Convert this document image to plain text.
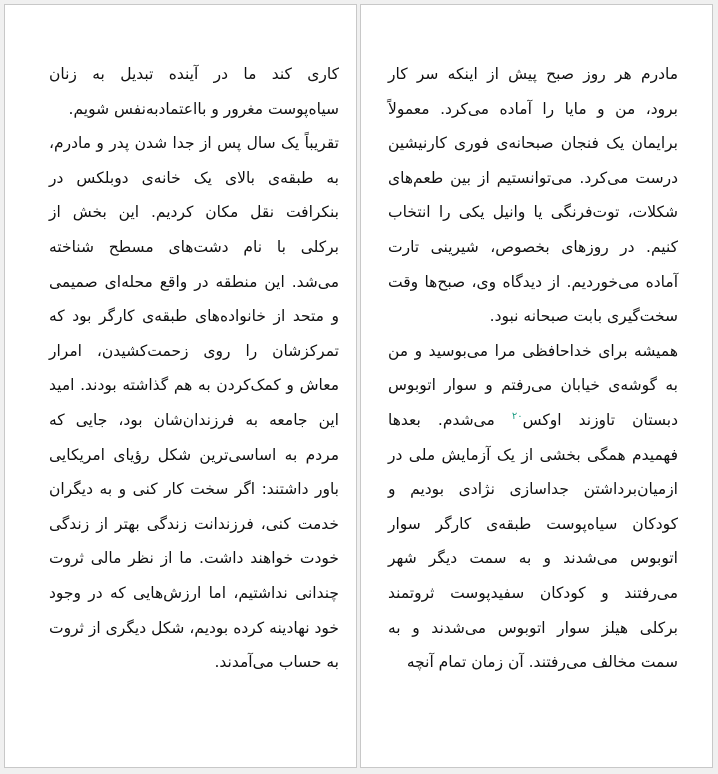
کاری کند ما در آینده تبدیل به زنان سیاه‌پوست مغرور و بااعتمادبه‌نفس شویم.

تقریباً یک سال پس از جدا شدن پدر و مادرم، به طبقه‌ی بالای یک خانه‌ی دوبلکس در بنکرافت نقل مکان کردیم. این بخش از برکلی با نام دشت‌های مسطح شناخته می‌شد. این منطقه در واقع محله‌ای صمیمی و متحد از خانواده‌های طبقه‌ی کارگر بود که تمرکزشان را روی زحمت‌کشیدن، امرار معاش و کمک‌کردن به هم گذاشته بودند. امید این جامعه به فرزندان‌شان بود، جایی که مردم به اساسی‌ترین شکل رؤیای امریکایی باور داشتند: اگر سخت کار کنی و به دیگران خدمت کنی، فرزندانت زندگی بهتر از زندگی خودت خواهند داشت. ما از نظر مالی ثروت چندانی نداشتیم، اما ارزش‌هایی که در وجود خود نهادینه کرده بودیم، شکل دیگری از ثروت به حساب می‌آمدند.

مادرم هر روز صبح پیش از اینکه سر کار برود، من و مایا را آماده می‌کرد. معمولاً برایمان یک فنجان صبحانه‌ی فوری کارنیشین درست می‌کرد. می‌توانستیم از بین طعم‌های شکلات، توت‌فرنگی یا وانیل یکی را انتخاب کنیم. در روزهای بخصوص، شیرینی تارت آماده می‌خوردیم. از دیدگاه وی، صبح‌ها وقت سخت‌گیری بابت صبحانه نبود.

همیشه برای خداحافظی مرا می‌بوسید و من به گوشه‌ی خیابان می‌رفتم و سوار اتوبوس دبستان تاوزند اوکس$^{۲۰}$ می‌شدم. بعدها فهمیدم همگی بخشی از یک آزمایش ملی در ازمیان‌برداشتن جداسازی نژادی بودیم و کودکان سیاه‌پوست طبقه‌ی کارگر سوار اتوبوس می‌شدند و به سمت دیگر شهر می‌رفتند و کودکان سفیدپوست ثروتمند برکلی هیلز سوار اتوبوس می‌شدند و به سمت مخالف می‌رفتند. آن زمان تمام آنچه
